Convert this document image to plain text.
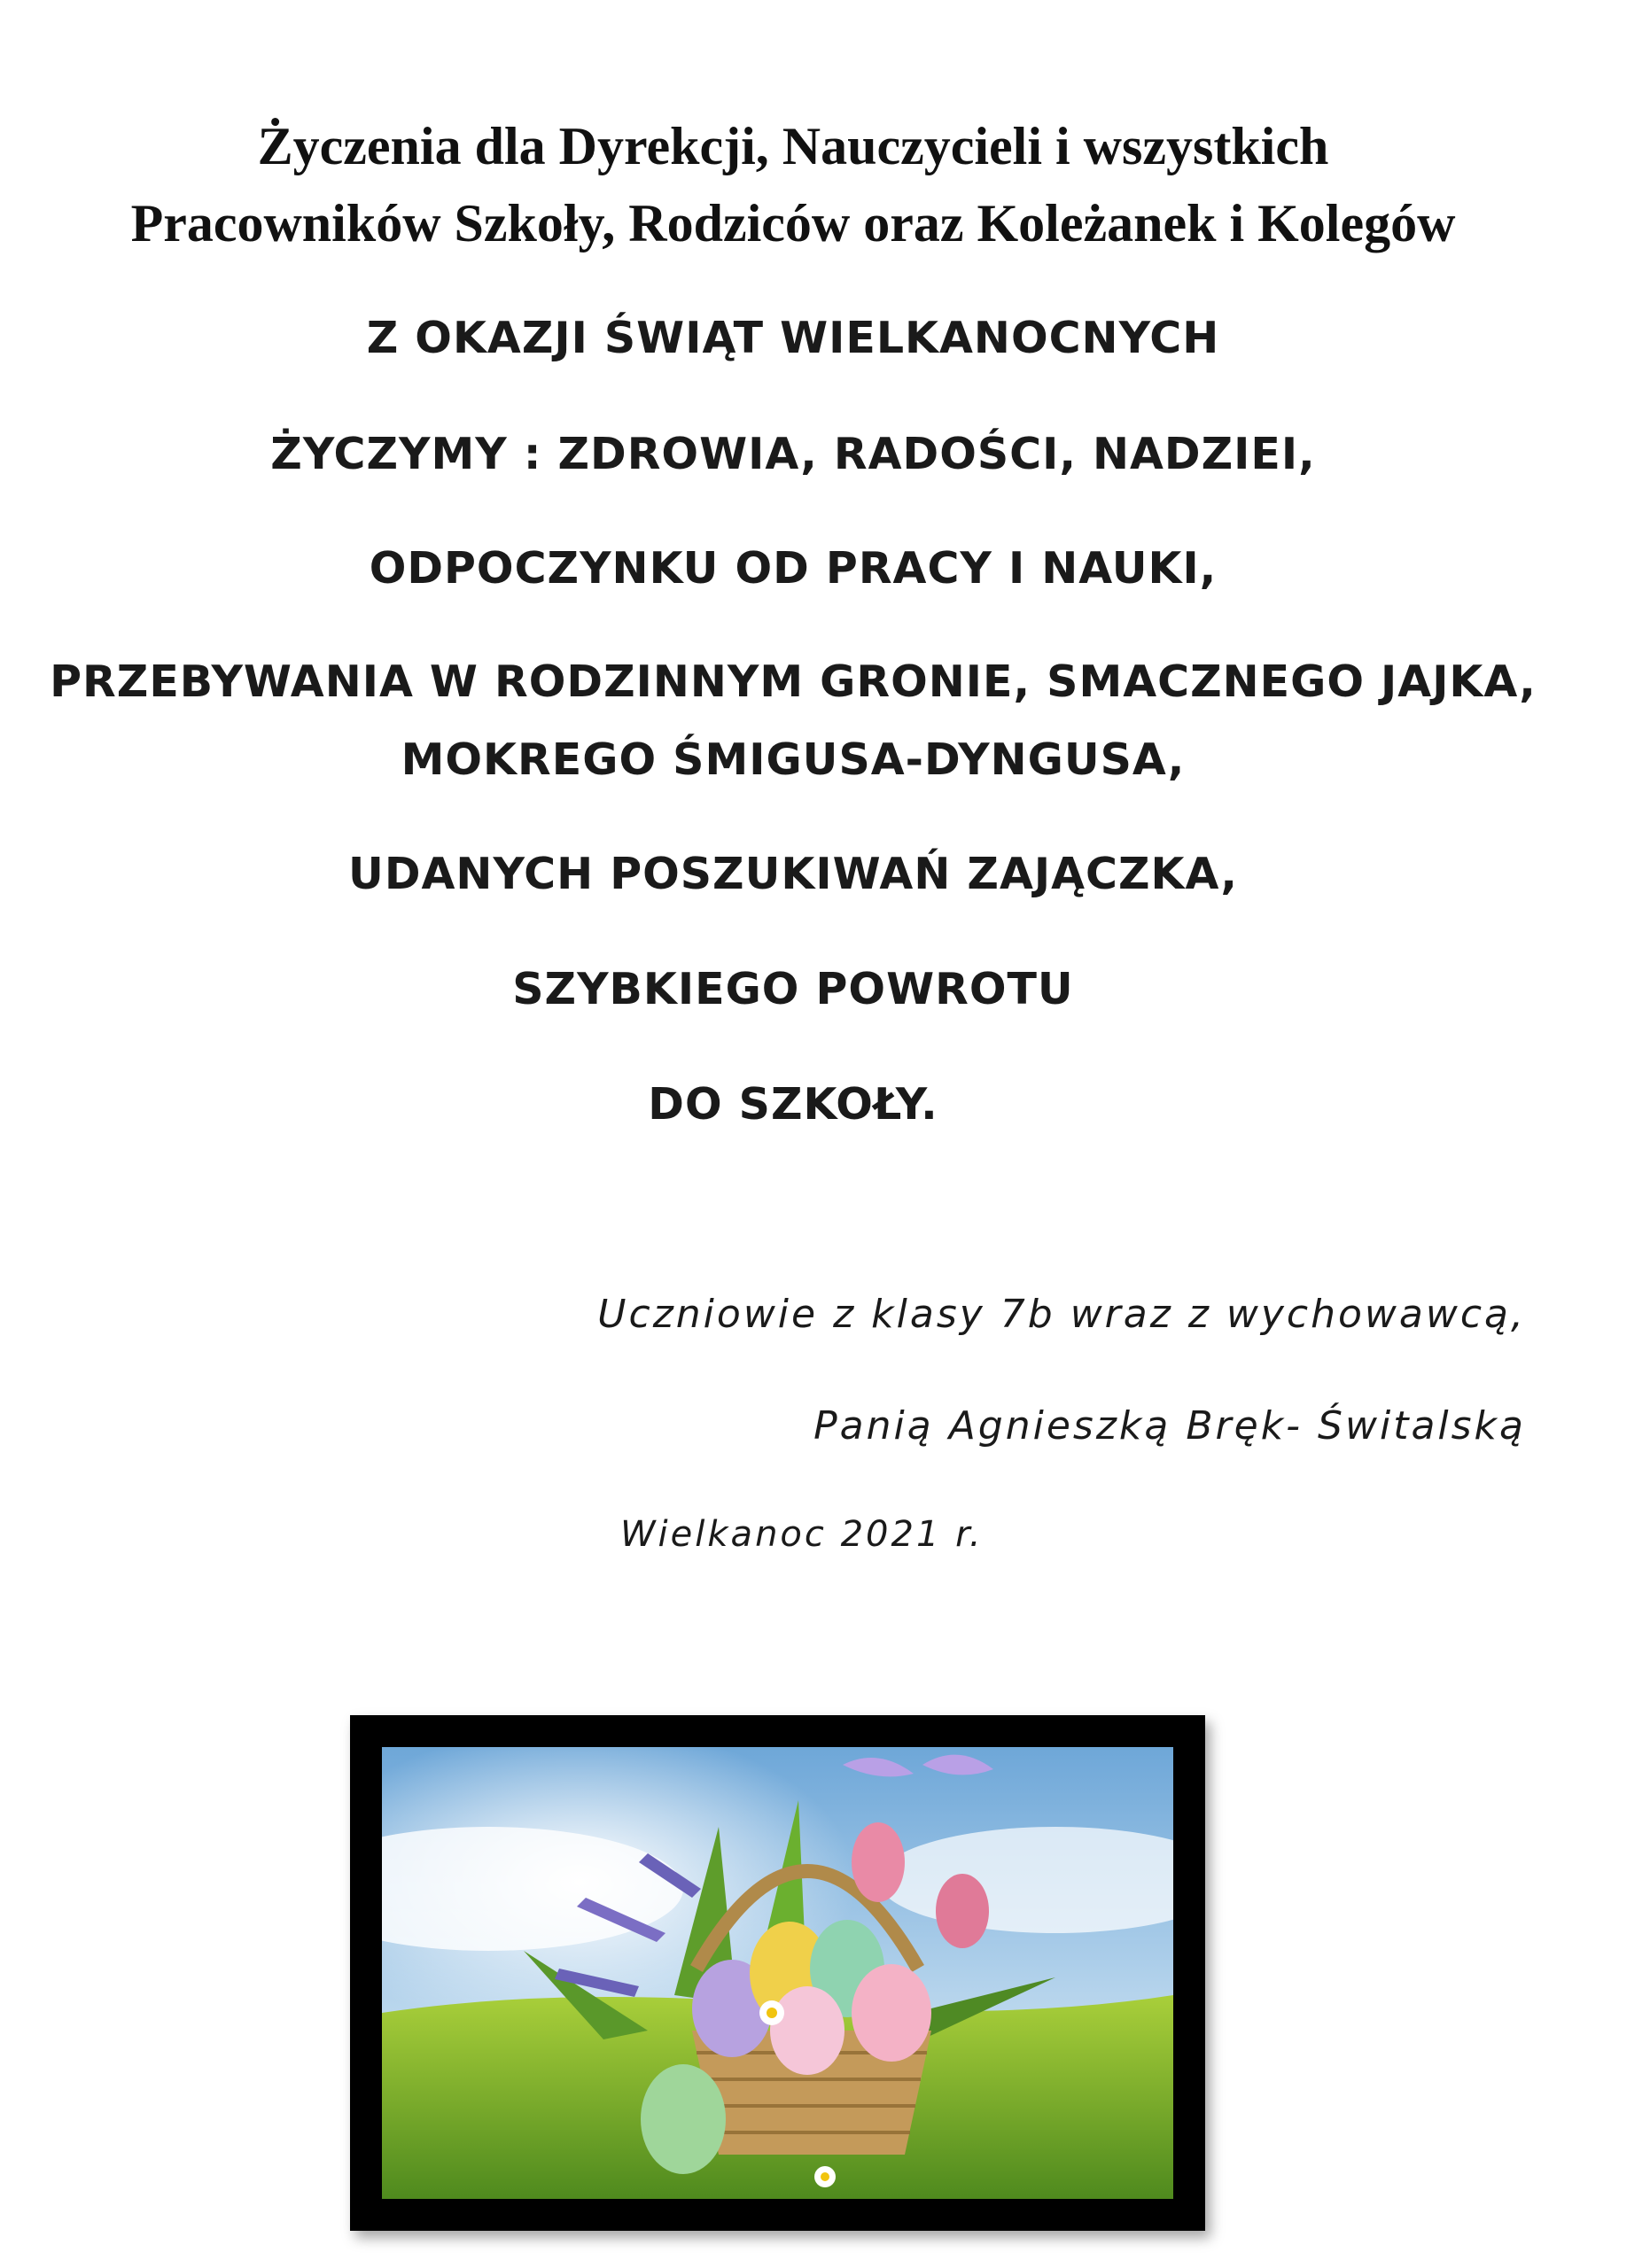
Życzenia dla Dyrekcji, Nauczycieli i wszystkich
Pracowników Szkoły, Rodziców oraz Koleżanek i Kolegów
Z OKAZJI ŚWIĄT WIELKANOCNYCH
ŻYCZYMY : ZDROWIA, RADOŚCI, NADZIEI,
ODPOCZYNKU OD PRACY I NAUKI,
PRZEBYWANIA W RODZINNYM GRONIE, SMACZNEGO JAJKA,
MOKREGO ŚMIGUSA-DYNGUSA,
UDANYCH POSZUKIWAŃ ZAJĄCZKA,
SZYBKIEGO POWROTU
DO SZKOŁY.
Uczniowie z klasy 7b wraz z wychowawcą,
Panią Agnieszką Bręk- Świtalską
Wielkanoc 2021 r.
